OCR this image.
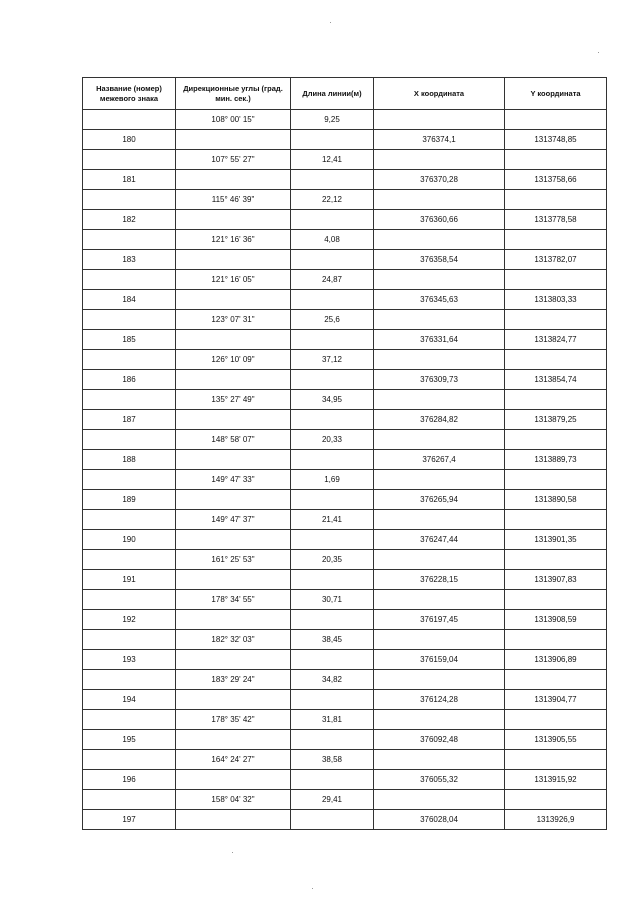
Название (номер) межевого знака	Дирекционные углы (град. мин. сек.)	Длина линии(м)	X координата	Y координата
	108° 00' 15"	9,25		
180			376374,1	1313748,85
	107° 55' 27"	12,41		
181			376370,28	1313758,66
	115° 46' 39"	22,12		
182			376360,66	1313778,58
	121° 16' 36"	4,08		
183			376358,54	1313782,07
	121° 16' 05"	24,87		
184			376345,63	1313803,33
	123° 07' 31"	25,6		
185			376331,64	1313824,77
	126° 10' 09"	37,12		
186			376309,73	1313854,74
	135° 27' 49"	34,95		
187			376284,82	1313879,25
	148° 58' 07"	20,33		
188			376267,4	1313889,73
	149° 47' 33"	1,69		
189			376265,94	1313890,58
	149° 47' 37"	21,41		
190			376247,44	1313901,35
	161° 25' 53"	20,35		
191			376228,15	1313907,83
	178° 34' 55"	30,71		
192			376197,45	1313908,59
	182° 32' 03"	38,45		
193			376159,04	1313906,89
	183° 29' 24"	34,82		
194			376124,28	1313904,77
	178° 35' 42"	31,81		
195			376092,48	1313905,55
	164° 24' 27"	38,58		
196			376055,32	1313915,92
	158° 04' 32"	29,41		
197			376028,04	1313926,9
